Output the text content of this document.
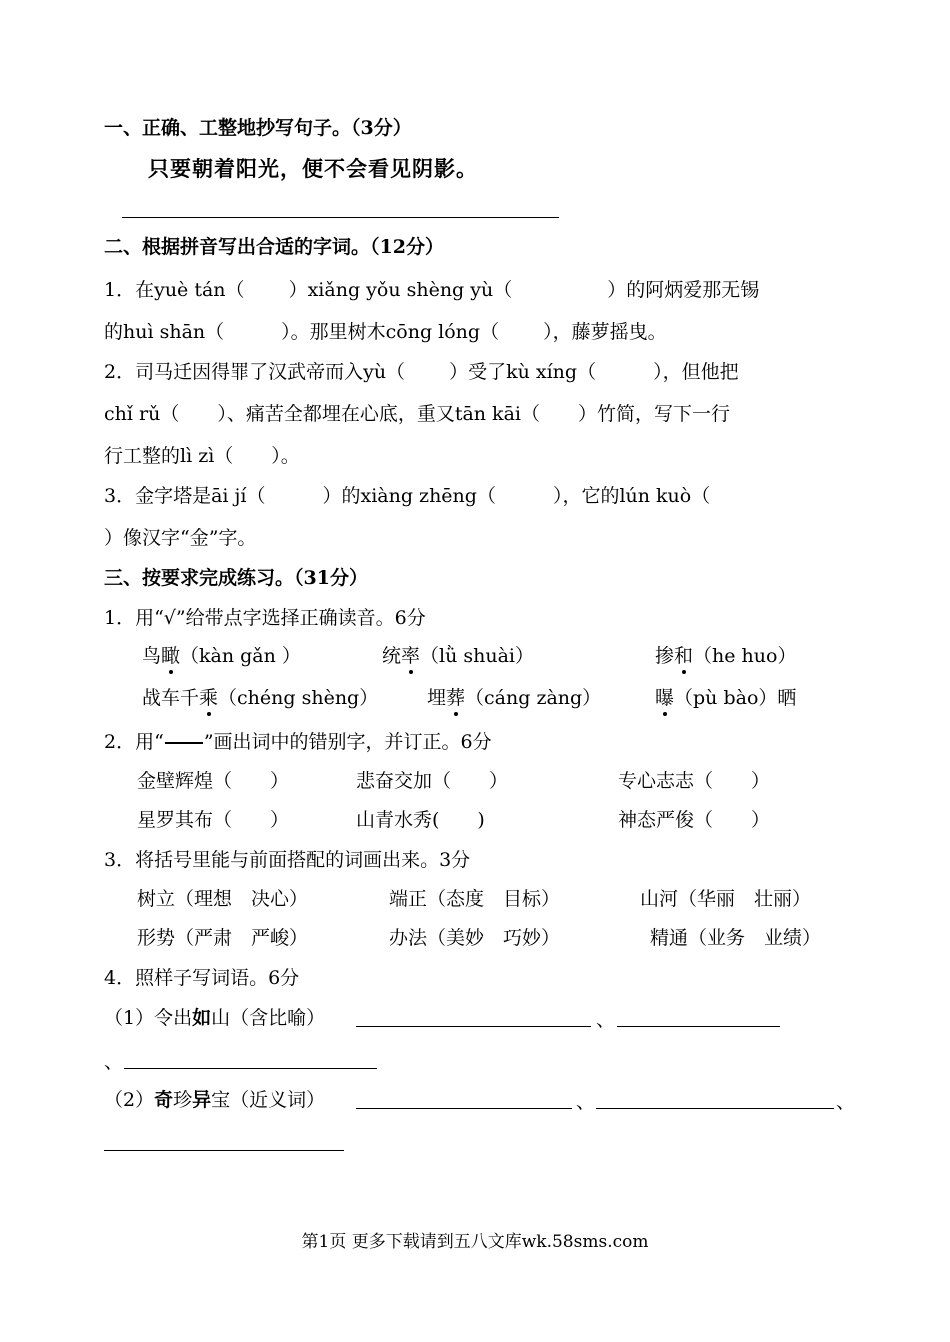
一、正确、工整地抄写句子。（3分）
只要朝着阳光，便不会看见阴影。
二、根据拼音写出合适的字词。（12分）
1．在yuè tán（　　 ）xiǎng yǒu shèng yù（　　　　　）的阿炳爱那无锡
的huì shān（　　　）。那里树木cōng lóng（　　 ），藤萝摇曳。
2．司马迁因得罪了汉武帝而入yù（　　 ）受了kù xíng（　　　），但他把
chǐ rǔ（　　）、痛苦全都埋在心底，重又tān kāi（　　）竹简，写下一行
行工整的lì zì（　　）。
3．金字塔是āi jí（　　　）的xiàng zhēng（　　　），它的lún kuò（
）像汉字“金”字。
三、按要求完成练习。（31分）
1．用“√”给带点字选择正确读音。6分
鸟瞰（kàn gǎn ）	统率（lǜ shuài）	掺和（he huo）
战车千乘（chéng shèng）	埋葬（cáng zàng）	曝（pù bào）晒
2．用“ ”画出词中的错别字，并订正。6分
金壁辉煌（　　）	悲奋交加（　　）	专心志志（　　）
星罗其布（　　）	山青水秀(　　)	神态严俊（　　）
3．将括号里能与前面搭配的词画出来。3分
树立（理想　决心）	端正（态度　目标）	山河（华丽　壮丽）
形势（严肃　严峻）	办法（美妙　巧妙）	精通（业务　业绩）
4．照样子写词语。6分
（1）令出如山（含比喻）	、
、
（2）奇珍异宝（近义词）	、	、
第1页 更多下载请到五八文库wk.58sms.com
